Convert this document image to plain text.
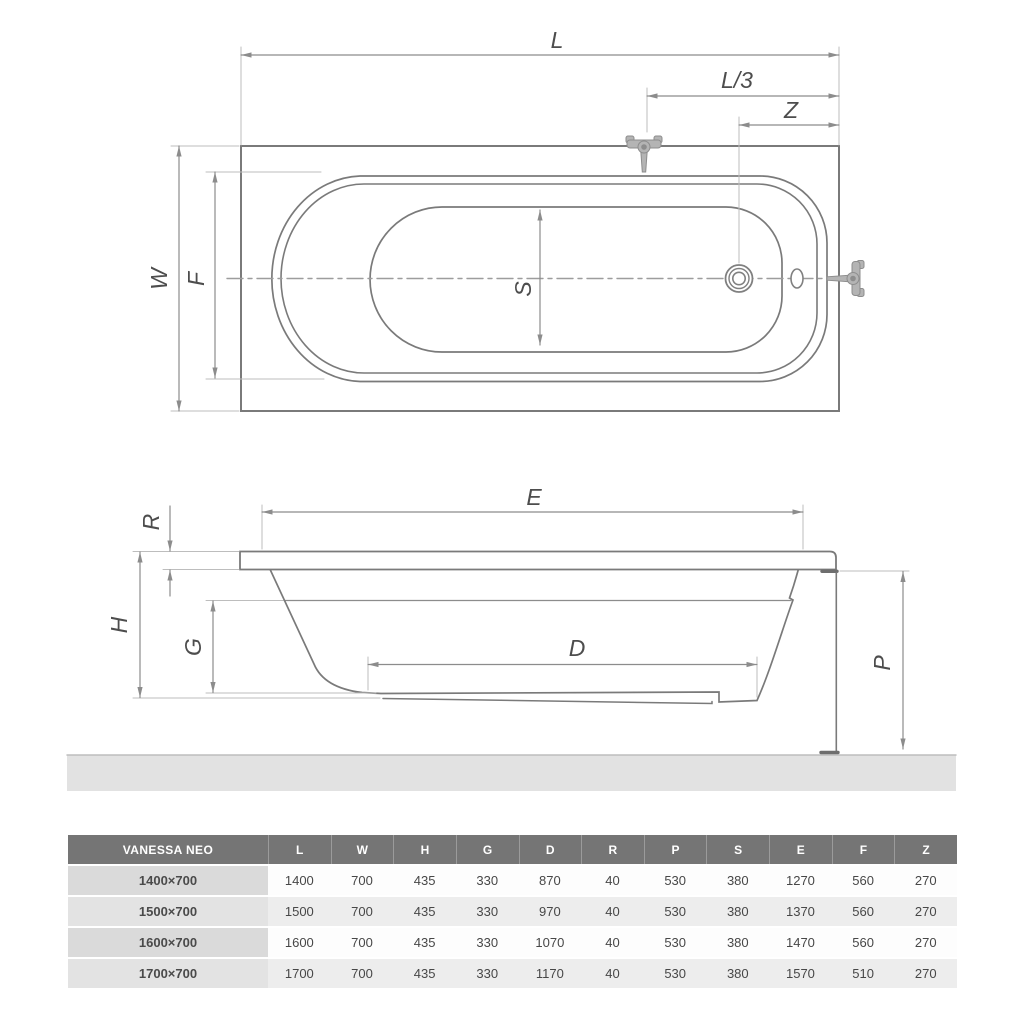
L
L/3
Z
W F
S
E
R
H
G	D
P
VANESSA NEO	L	W	H	G	D	R	P	S	E	F	Z
1400×700	1400	700	435	330	870	40	530	380	1270	560	270
1500×700	1500	700	435	330	970	40	530	380	1370	560	270
1600×700	1600	700	435	330	1070	40	530	380	1470	560	270
1700×700	1700	700	435	330	1170	40	530	380	1570	510	270
